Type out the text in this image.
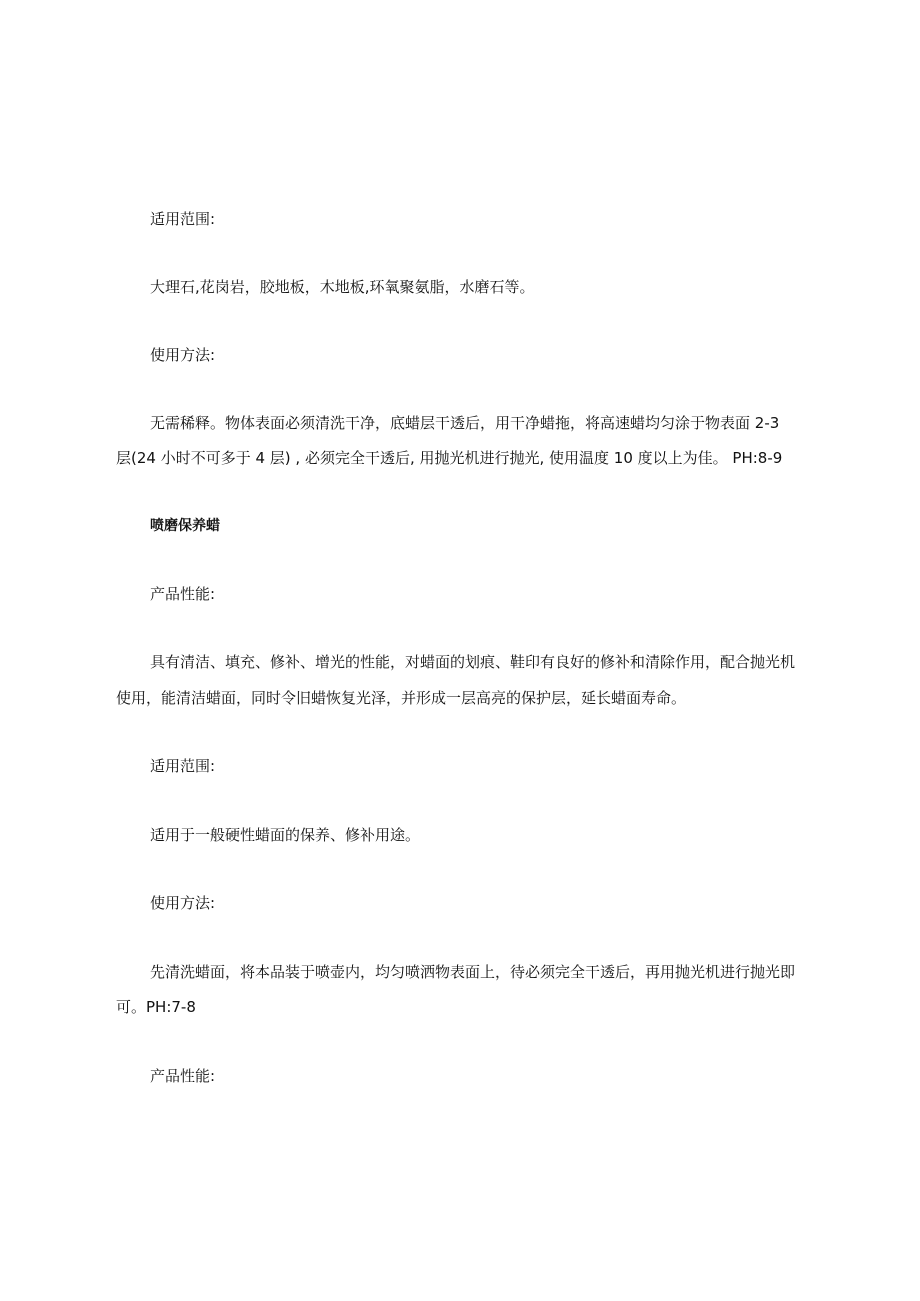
适用范围:

大理石,花岗岩，胶地板，木地板,环氧聚氨脂，水磨石等。

使用方法:

无需稀释。物体表面必须清洗干净，底蜡层干透后，用干净蜡拖，将高速蜡均匀涂于物表面 2-3

层(24 小时不可多于 4 层) , 必须完全干透后, 用抛光机进行抛光, 使用温度 10 度以上为佳。 PH:8-9

喷磨保养蜡

产品性能:

具有清洁、填充、修补、增光的性能，对蜡面的划痕、鞋印有良好的修补和清除作用，配合抛光机

使用，能清洁蜡面，同时令旧蜡恢复光泽，并形成一层高亮的保护层，延长蜡面寿命。

适用范围:

适用于一般硬性蜡面的保养、修补用途。

使用方法:

先清洗蜡面，将本品装于喷壶内，均匀喷洒物表面上，待必须完全干透后，再用抛光机进行抛光即

可。PH:7-8

产品性能:
